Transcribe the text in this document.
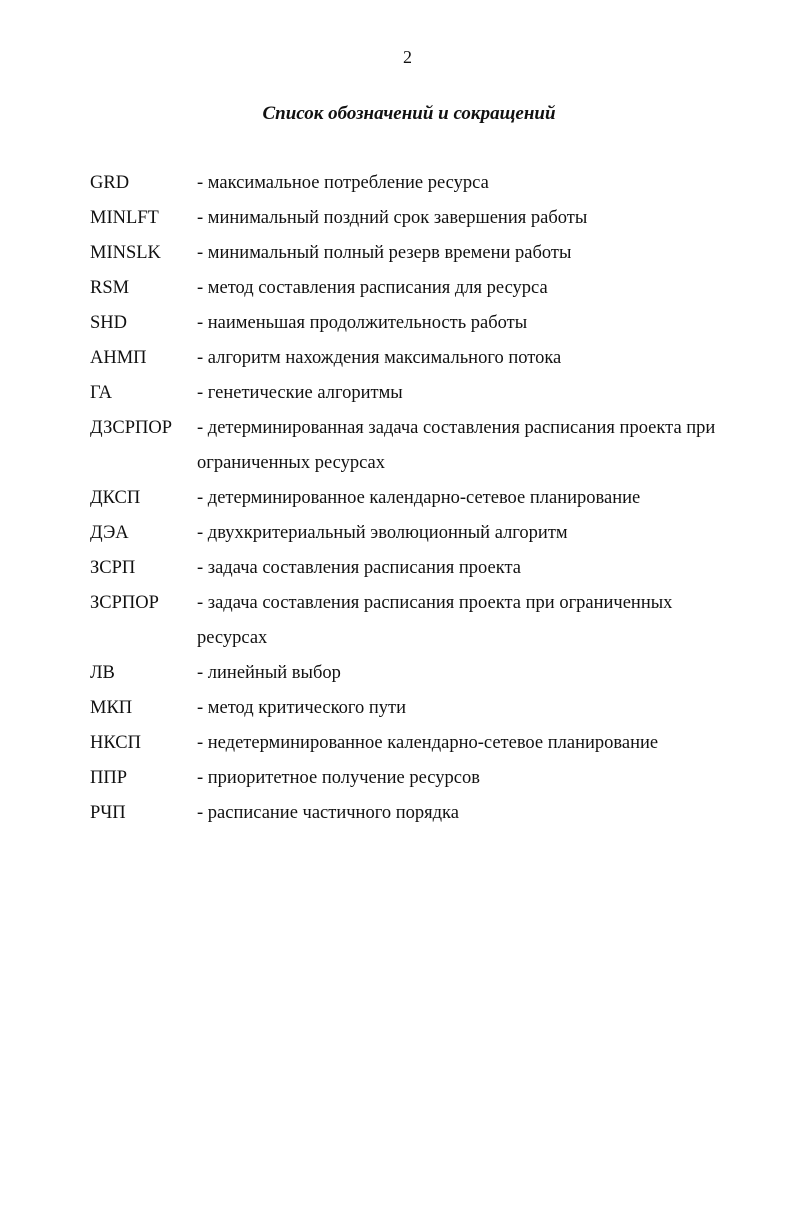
2
Список обозначений и сокращений
GRD	- максимальное потребление ресурса
MINLFT	- минимальный поздний срок завершения работы
MINSLK	- минимальный полный резерв времени работы
RSM	- метод составления расписания для ресурса
SHD	- наименьшая продолжительность работы
АНМП	- алгоритм нахождения максимального потока
ГА	- генетические алгоритмы
ДЗСРПОР	- детерминированная задача составления расписания проекта при ограниченных ресурсах
ДКСП	- детерминированное календарно-сетевое планирование
ДЭА	- двухкритериальный эволюционный алгоритм
ЗСРП	- задача составления расписания проекта
ЗСРПОР	- задача составления расписания проекта при ограниченных ресурсах
ЛВ	- линейный выбор
МКП	- метод критического пути
НКСП	- недетерминированное календарно-сетевое планирование
ППР	- приоритетное получение ресурсов
РЧП	- расписание частичного порядка
